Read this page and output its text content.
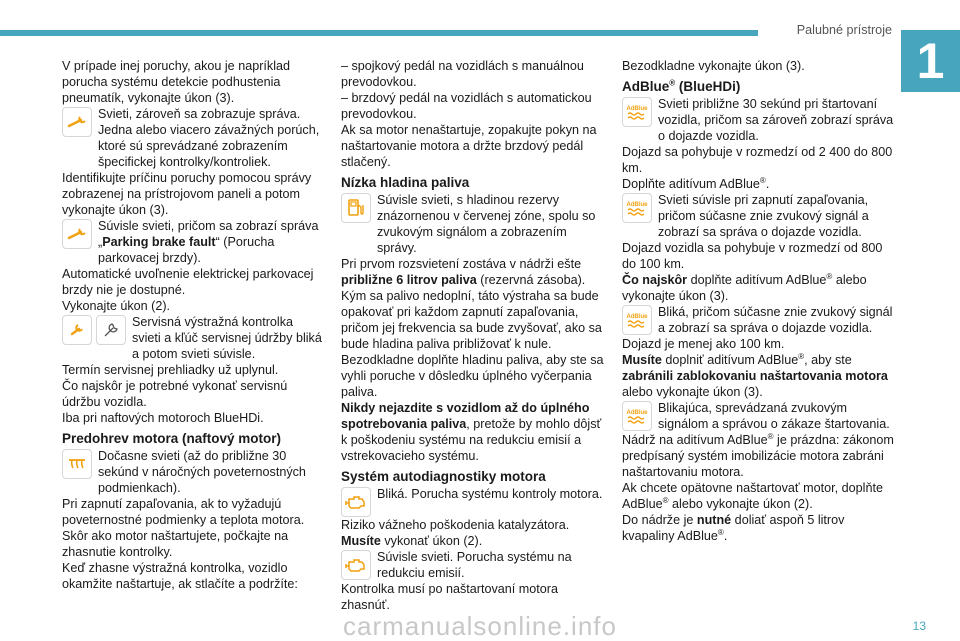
Palubné prístroje
1

V prípade inej poruchy, akou je napríklad porucha systému detekcie podhustenia pneumatík, vykonajte úkon (3).

Svieti, zároveň sa zobrazuje správa. Jedna alebo viacero závažných porúch, ktoré sú sprevádzané zobrazením špecifickej kontrolky/kontroliek.

Identifikujte príčinu poruchy pomocou správy zobrazenej na prístrojovom paneli a potom vykonajte úkon (3).

Súvisle svieti, pričom sa zobrazí správa „Parking brake fault“ (Porucha parkovacej brzdy).

Automatické uvoľnenie elektrickej parkovacej brzdy nie je dostupné.

Vykonajte úkon (2).

Servisná výstražná kontrolka svieti a kľúč servisnej údržby bliká a potom svieti súvisle.

Termín servisnej prehliadky už uplynul.

Čo najskôr je potrebné vykonať servisnú údržbu vozidla.

Iba pri naftových motoroch BlueHDi.

Predohrev motora (naftový motor)
Dočasne svieti (až do približne 30 sekúnd v náročných poveternostných podmienkach).

Pri zapnutí zapaľovania, ak to vyžadujú poveternostné podmienky a teplota motora. Skôr ako motor naštartujete, počkajte na zhasnutie kontrolky.

Keď zhasne výstražná kontrolka, vozidlo okamžite naštartuje, ak stlačíte a podržíte:

– spojkový pedál na vozidlách s manuálnou prevodovkou.

– brzdový pedál na vozidlách s automatickou prevodovkou.

Ak sa motor nenaštartuje, zopakujte pokyn na naštartovanie motora a držte brzdový pedál stlačený.

Nízka hladina paliva
Súvisle svieti, s hladinou rezervy znázornenou v červenej zóne, spolu so zvukovým signálom a zobrazením správy.

Pri prvom rozsvietení zostáva v nádrži ešte približne 6 litrov paliva (rezervná zásoba).

Kým sa palivo nedoplní, táto výstraha sa bude opakovať pri každom zapnutí zapaľovania, pričom jej frekvencia sa bude zvyšovať, ako sa bude hladina paliva približovať k nule.

Bezodkladne doplňte hladinu paliva, aby ste sa vyhli poruche v dôsledku úplného vyčerpania paliva.

Nikdy nejazdite s vozidlom až do úplného spotrebovania paliva, pretože by mohlo dôjsť k poškodeniu systému na redukciu emisií a vstrekovacieho systému.

Systém autodiagnostiky motora
Bliká. Porucha systému kontroly motora.

Riziko vážneho poškodenia katalyzátora.

Musíte vykonať úkon (2).

Súvisle svieti. Porucha systému na redukciu emisií.

Kontrolka musí po naštartovaní motora zhasnúť.

Bezodkladne vykonajte úkon (3).

AdBlue® (BlueHDi)
AdBlue Svieti približne 30 sekúnd pri štartovaní vozidla, pričom sa zároveň zobrazí správa o dojazde vozidla.

Dojazd sa pohybuje v rozmedzí od 2 400 do 800 km.

Doplňte aditívum AdBlue®.

AdBlue Svieti súvisle pri zapnutí zapaľovania, pričom súčasne znie zvukový signál a zobrazí sa správa o dojazde vozidla.

Dojazd vozidla sa pohybuje v rozmedzí od 800 do 100 km.

Čo najskôr doplňte aditívum AdBlue® alebo vykonajte úkon (3).

AdBlue Bliká, pričom súčasne znie zvukový signál a zobrazí sa správa o dojazde vozidla.

Dojazd je menej ako 100 km.

Musíte doplniť aditívum AdBlue®, aby ste zabránili zablokovaniu naštartovania motora alebo vykonajte úkon (3).

AdBlue Blikajúca, sprevádzaná zvukovým signálom a správou o zákaze štartovania.

Nádrž na aditívum AdBlue® je prázdna: zákonom predpísaný systém imobilizácie motora zabráni naštartovaniu motora.

Ak chcete opätovne naštartovať motor, doplňte AdBlue® alebo vykonajte úkon (2).

Do nádrže je nutné doliať aspoň 5 litrov kvapaliny AdBlue®.

carmanualsonline.info	13
